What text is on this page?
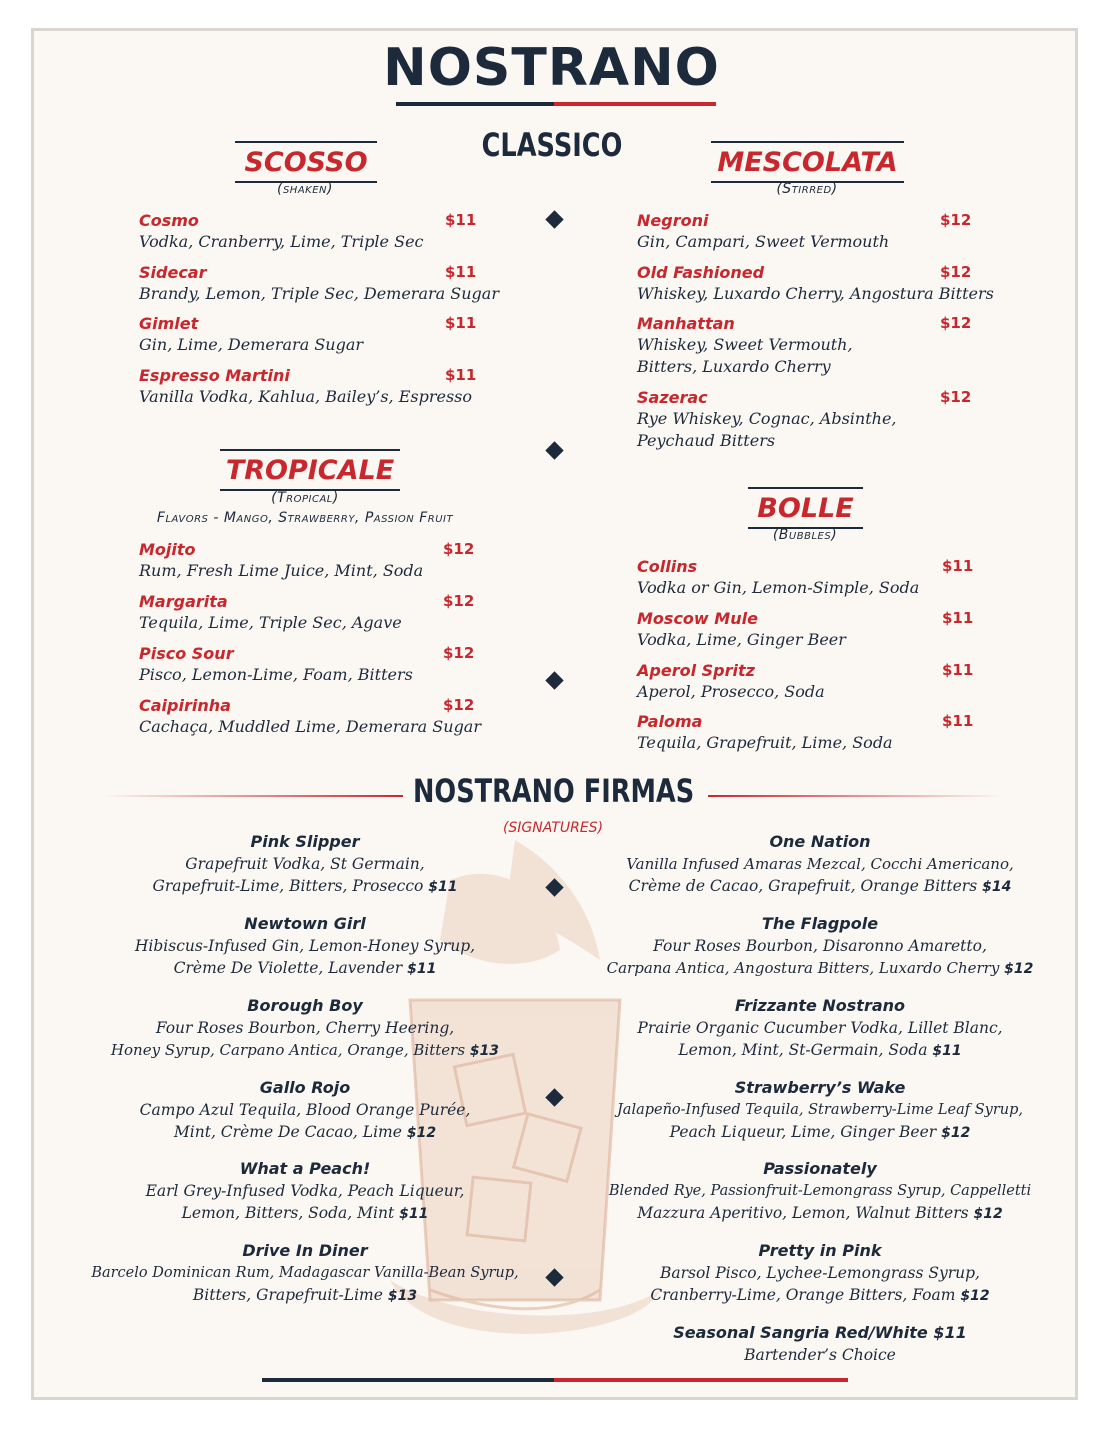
NOSTRANO
CLASSICO
SCOSSO
(shaken)
MESCOLATA
(Stirred)
Cosmo	$11
Vodka, Cranberry, Lime, Triple Sec
Sidecar	$11
Brandy, Lemon, Triple Sec, Demerara Sugar
Gimlet	$11
Gin, Lime, Demerara Sugar
Espresso Martini	$11
Vanilla Vodka, Kahlua, Bailey’s, Espresso
Negroni	$12
Gin, Campari, Sweet Vermouth
Old Fashioned	$12
Whiskey, Luxardo Cherry, Angostura Bitters
Manhattan	$12
Whiskey, Sweet Vermouth,
Bitters, Luxardo Cherry
Sazerac	$12
Rye Whiskey, Cognac, Absinthe,
Peychaud Bitters
TROPICALE
(Tropical)
Flavors - Mango, Strawberry, Passion Fruit
Mojito	$12
Rum, Fresh Lime Juice, Mint, Soda
Margarita	$12
Tequila, Lime, Triple Sec, Agave
Pisco Sour	$12
Pisco, Lemon-Lime, Foam, Bitters
Caipirinha	$12
Cachaça, Muddled Lime, Demerara Sugar
BOLLE
(Bubbles)
Collins	$11
Vodka or Gin, Lemon-Simple, Soda
Moscow Mule	$11
Vodka, Lime, Ginger Beer
Aperol Spritz	$11
Aperol, Prosecco, Soda
Paloma	$11
Tequila, Grapefruit, Lime, Soda
NOSTRANO FIRMAS
(SIGNATURES)
Pink Slipper
Grapefruit Vodka, St Germain,
Grapefruit-Lime, Bitters, Prosecco $11
Newtown Girl
Hibiscus-Infused Gin, Lemon-Honey Syrup,
Crème De Violette, Lavender $11
Borough Boy
Four Roses Bourbon, Cherry Heering,
Honey Syrup, Carpano Antica, Orange, Bitters $13
Gallo Rojo
Campo Azul Tequila, Blood Orange Purée,
Mint, Crème De Cacao, Lime $12
What a Peach!
Earl Grey-Infused Vodka, Peach Liqueur,
Lemon, Bitters, Soda, Mint $11
Drive In Diner
Barcelo Dominican Rum, Madagascar Vanilla-Bean Syrup,
Bitters, Grapefruit-Lime $13
One Nation
Vanilla Infused Amaras Mezcal, Cocchi Americano,
Crème de Cacao, Grapefruit, Orange Bitters $14
The Flagpole
Four Roses Bourbon, Disaronno Amaretto,
Carpana Antica, Angostura Bitters, Luxardo Cherry $12
Frizzante Nostrano
Prairie Organic Cucumber Vodka, Lillet Blanc,
Lemon, Mint, St-Germain, Soda $11
Strawberry’s Wake
Jalapeño-Infused Tequila, Strawberry-Lime Leaf Syrup,
Peach Liqueur, Lime, Ginger Beer $12
Passionately
Blended Rye, Passionfruit-Lemongrass Syrup, Cappelletti
Mazzura Aperitivo, Lemon, Walnut Bitters $12
Pretty in Pink
Barsol Pisco, Lychee-Lemongrass Syrup,
Cranberry-Lime, Orange Bitters, Foam $12
Seasonal Sangria Red/White $11
Bartender’s Choice
